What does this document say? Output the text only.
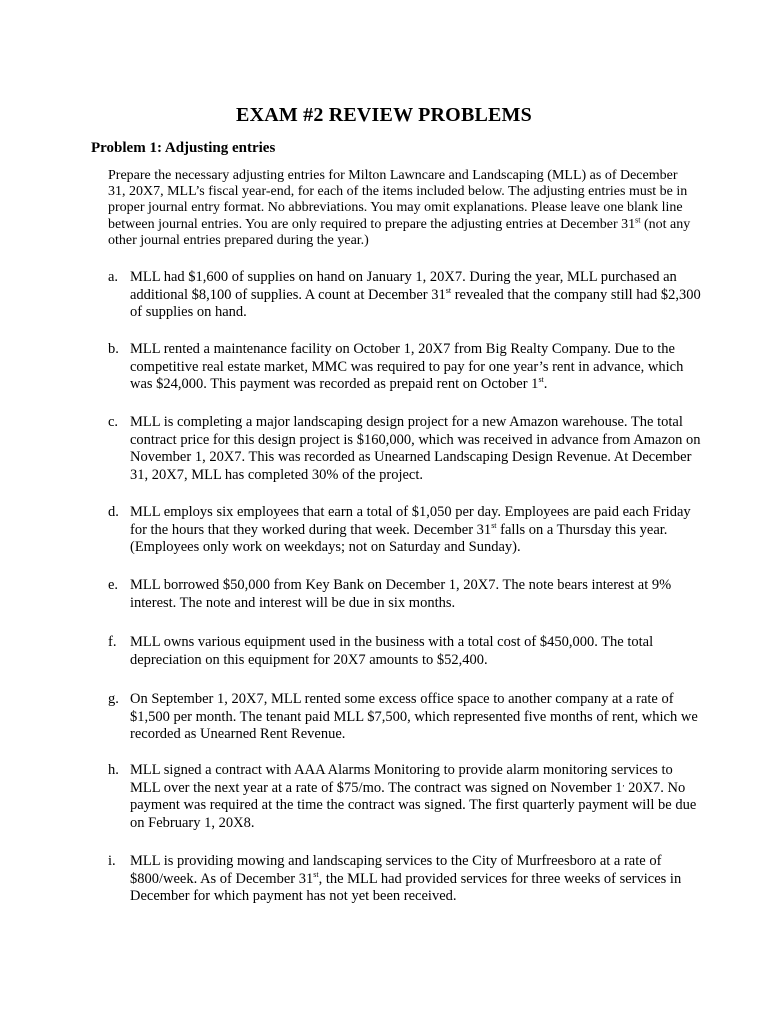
EXAM #2 REVIEW PROBLEMS
Problem 1: Adjusting entries
Prepare the necessary adjusting entries for Milton Lawncare and Landscaping (MLL) as of December 31, 20X7, MLL’s fiscal year-end, for each of the items included below. The adjusting entries must be in proper journal entry format. No abbreviations. You may omit explanations. Please leave one blank line between journal entries. You are only required to prepare the adjusting entries at December 31st (not any other journal entries prepared during the year.)
a. MLL had $1,600 of supplies on hand on January 1, 20X7. During the year, MLL purchased an additional $8,100 of supplies. A count at December 31st revealed that the company still had $2,300 of supplies on hand.
b. MLL rented a maintenance facility on October 1, 20X7 from Big Realty Company. Due to the competitive real estate market, MMC was required to pay for one year’s rent in advance, which was $24,000. This payment was recorded as prepaid rent on October 1st.
c. MLL is completing a major landscaping design project for a new Amazon warehouse. The total contract price for this design project is $160,000, which was received in advance from Amazon on November 1, 20X7. This was recorded as Unearned Landscaping Design Revenue. At December 31, 20X7, MLL has completed 30% of the project.
d. MLL employs six employees that earn a total of $1,050 per day. Employees are paid each Friday for the hours that they worked during that week. December 31st falls on a Thursday this year. (Employees only work on weekdays; not on Saturday and Sunday).
e. MLL borrowed $50,000 from Key Bank on December 1, 20X7. The note bears interest at 9% interest. The note and interest will be due in six months.
f. MLL owns various equipment used in the business with a total cost of $450,000. The total depreciation on this equipment for 20X7 amounts to $52,400.
g. On September 1, 20X7, MLL rented some excess office space to another company at a rate of $1,500 per month. The tenant paid MLL $7,500, which represented five months of rent, which we recorded as Unearned Rent Revenue.
h. MLL signed a contract with AAA Alarms Monitoring to provide alarm monitoring services to MLL over the next year at a rate of $75/mo. The contract was signed on November 1, 20X7. No payment was required at the time the contract was signed. The first quarterly payment will be due on February 1, 20X8.
i. MLL is providing mowing and landscaping services to the City of Murfreesboro at a rate of $800/week. As of December 31st, the MLL had provided services for three weeks of services in December for which payment has not yet been received.
